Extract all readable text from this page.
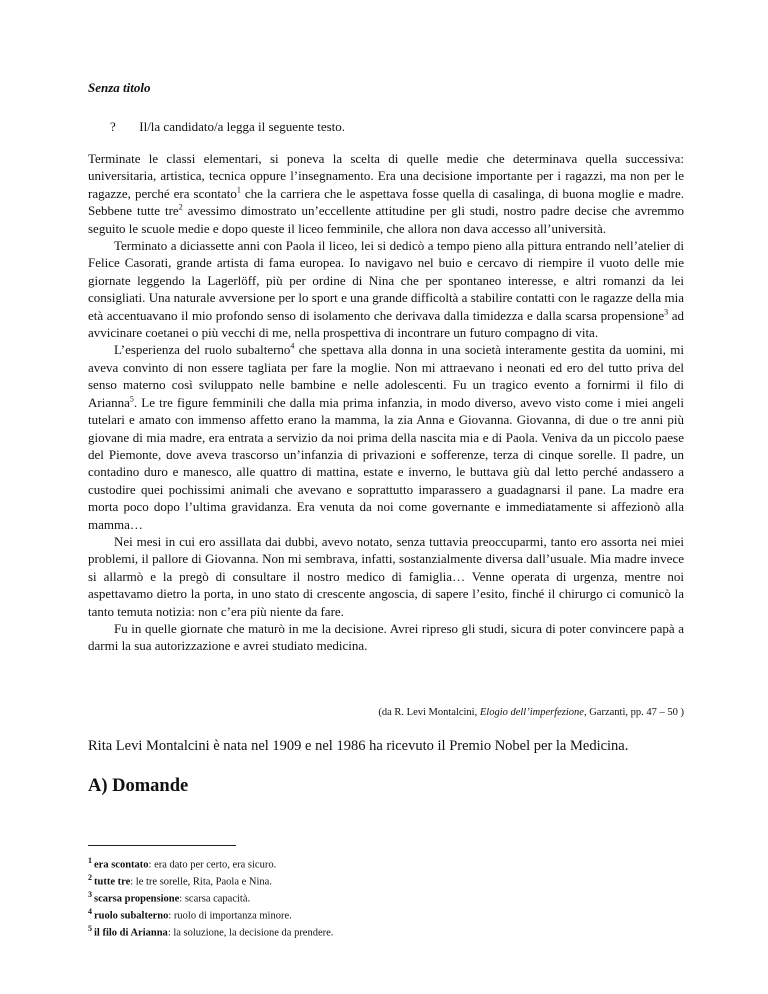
Senza titolo
? Il/la candidato/a legga il seguente testo.

Terminate le classi elementari, si poneva la scelta di quelle medie che determinava quella successiva: universitaria, artistica, tecnica oppure l’insegnamento. Era una decisione importante per i ragazzi, ma non per le ragazze, perché era scontato$^1$ che la carriera che le aspettava fosse quella di casalinga, di buona moglie e madre. Sebbene tutte tre$^2$ avessimo dimostrato un’eccellente attitudine per gli studi, nostro padre decise che avremmo seguito le scuole medie e dopo queste il liceo femminile, che allora non dava accesso all’università.

Terminato a diciassette anni con Paola il liceo, lei si dedicò a tempo pieno alla pittura entrando nell’atelier di Felice Casorati, grande artista di fama europea. Io navigavo nel buio e cercavo di riempire il vuoto delle mie giornate leggendo la Lagerlöff, più per ordine di Nina che per spontaneo interesse, e altri romanzi da lei consigliati. Una naturale avversione per lo sport e una grande difficoltà a stabilire contatti con le ragazze della mia età accentuavano il mio profondo senso di isolamento che derivava dalla timidezza e dalla scarsa propensione$^3$ ad avvicinare coetanei o più vecchi di me, nella prospettiva di incontrare un futuro compagno di vita.

L’esperienza del ruolo subalterno$^4$ che spettava alla donna in una società interamente gestita da uomini, mi aveva convinto di non essere tagliata per fare la moglie. Non mi attraevano i neonati ed ero del tutto priva del senso materno così sviluppato nelle bambine e nelle adolescenti. Fu un tragico evento a fornirmi il filo di Arianna$^5$. Le tre figure femminili che dalla mia prima infanzia, in modo diverso, avevo visto come i miei angeli tutelari e amato con immenso affetto erano la mamma, la zia Anna e Giovanna. Giovanna, di due o tre anni più giovane di mia madre, era entrata a servizio da noi prima della nascita mia e di Paola. Veniva da un piccolo paese del Piemonte, dove aveva trascorso un’infanzia di privazioni e sofferenze, terza di cinque sorelle. Il padre, un contadino duro e manesco, alle quattro di mattina, estate e inverno, le buttava giù dal letto perché andassero a custodire quei pochissimi animali che avevano e soprattutto imparassero a guadagnarsi il pane. La madre era morta poco dopo l’ultima gravidanza. Era venuta da noi come governante e immediatamente si affezionò alla mamma…

Nei mesi in cui ero assillata dai dubbi, avevo notato, senza tuttavia preoccuparmi, tanto ero assorta nei miei problemi, il pallore di Giovanna. Non mi sembrava, infatti, sostanzialmente diversa dall’usuale. Mia madre invece si allarmò e la pregò di consultare il nostro medico di famiglia… Venne operata di urgenza, mentre noi aspettavamo dietro la porta, in uno stato di crescente angoscia, di sapere l’esito, finché il chirurgo ci comunicò la tanto temuta notizia: non c’era più niente da fare.

Fu in quelle giornate che maturò in me la decisione. Avrei ripreso gli studi, sicura di poter convincere papà a darmi la sua autorizzazione e avrei studiato medicina.

(da R. Levi Montalcini, Elogio dell’imperfezione, Garzanti, pp. 47 – 50 )
Rita Levi Montalcini è nata nel 1909 e nel 1986 ha ricevuto il Premio Nobel per la Medicina.
A) Domande
$^1$ era scontato: era dato per certo, era sicuro.
$^2$ tutte tre: le tre sorelle, Rita, Paola e Nina.
$^3$ scarsa propensione: scarsa capacità.
$^4$ ruolo subalterno: ruolo di importanza minore.
$^5$ il filo di Arianna: la soluzione, la decisione da prendere.
